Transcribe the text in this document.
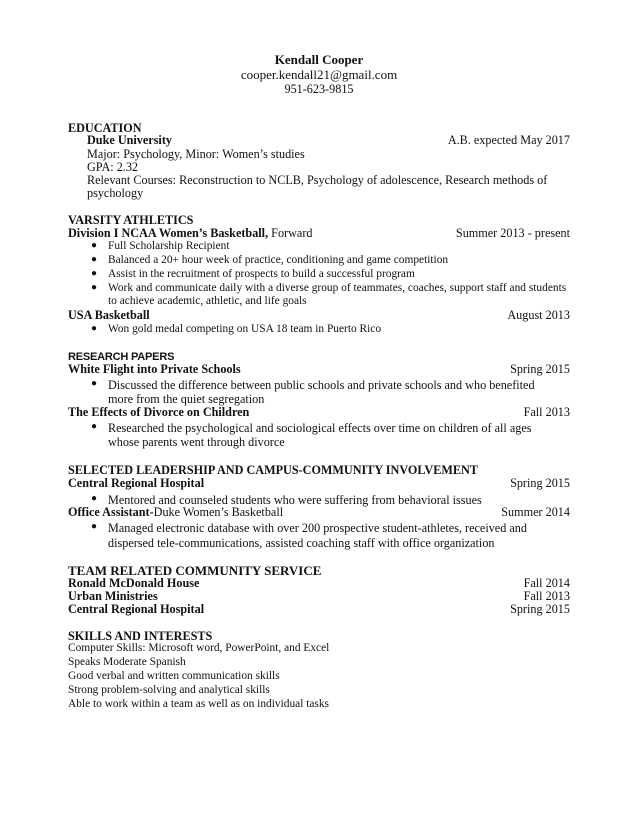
Kendall Cooper
cooper.kendall21@gmail.com
951-623-9815
EDUCATION
Duke University	A.B. expected May 2017
Major: Psychology, Minor: Women’s studies
GPA: 2.32
Relevant Courses: Reconstruction to NCLB, Psychology of adolescence, Research methods of
psychology
VARSITY ATHLETICS
Division I NCAA Women’s Basketball, Forward	Summer 2013 - present
● Full Scholarship Recipient
● Balanced a 20+ hour week of practice, conditioning and game competition
● Assist in the recruitment of prospects to build a successful program
● Work and communicate daily with a diverse group of teammates, coaches, support staff and students
to achieve academic, athletic, and life goals
USA Basketball	August 2013
● Won gold medal competing on USA 18 team in Puerto Rico
RESEARCH PAPERS
White Flight into Private Schools	Spring 2015
● Discussed the difference between public schools and private schools and who benefited
more from the quiet segregation
The Effects of Divorce on Children	Fall 2013
● Researched the psychological and sociological effects over time on children of all ages
whose parents went through divorce
SELECTED LEADERSHIP AND CAMPUS-COMMUNITY INVOLVEMENT
Central Regional Hospital	Spring 2015
● Mentored and counseled students who were suffering from behavioral issues
Office Assistant-Duke Women’s Basketball	Summer 2014
● Managed electronic database with over 200 prospective student-athletes, received and
dispersed tele-communications, assisted coaching staff with office organization
TEAM RELATED COMMUNITY SERVICE
Ronald McDonald House	Fall 2014
Urban Ministries	Fall 2013
Central Regional Hospital	Spring 2015
SKILLS AND INTERESTS
Computer Skills: Microsoft word, PowerPoint, and Excel
Speaks Moderate Spanish
Good verbal and written communication skills
Strong problem-solving and analytical skills
Able to work within a team as well as on individual tasks
